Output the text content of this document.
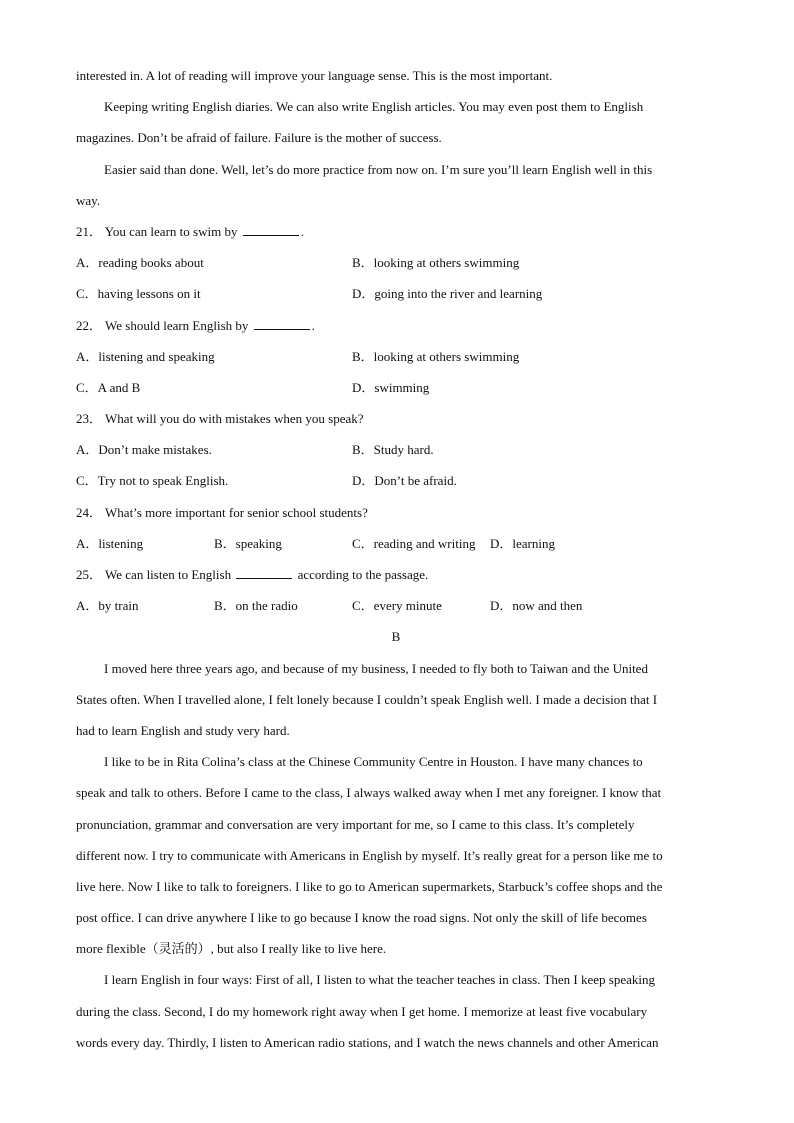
interested in. A lot of reading will improve your language sense. This is the most important.
Keeping writing English diaries. We can also write English articles. You may even post them to English
magazines. Don’t be afraid of failure. Failure is the mother of success.
Easier said than done. Well, let’s do more practice from now on. I’m sure you’ll learn English well in this
way.
21． You can learn to swim by	.
A．reading books about	B．looking at others swimming
C．having lessons on it	D．going into the river and learning
22． We should learn English by	.
A．listening and speaking	B．looking at others swimming
C．A and B	D．swimming
23． What will you do with mistakes when you speak?
A．Don’t make mistakes.	B．Study hard.
C．Try not to speak English.	D．Don’t be afraid.
24． What’s more important for senior school students?
A．listening	B．speaking	C．reading and writing	D．learning
25． We can listen to English	according to the passage.
A．by train	B．on the radio	C．every minute	D．now and then
B
I moved here three years ago, and because of my business, I needed to fly both to Taiwan and the United
States often. When I travelled alone, I felt lonely because I couldn’t speak English well. I made a decision that I
had to learn English and study very hard.
I like to be in Rita Colina’s class at the Chinese Community Centre in Houston. I have many chances to
speak and talk to others. Before I came to the class, I always walked away when I met any foreigner. I know that
pronunciation, grammar and conversation are very important for me, so I came to this class. It’s completely
different now. I try to communicate with Americans in English by myself. It’s really great for a person like me to
live here. Now I like to talk to foreigners. I like to go to American supermarkets, Starbuck’s coffee shops and the
post office. I can drive anywhere I like to go because I know the road signs. Not only the skill of life becomes
more flexible（灵活的）, but also I really like to live here.
I learn English in four ways: First of all, I listen to what the teacher teaches in class. Then I keep speaking
during the class. Second, I do my homework right away when I get home. I memorize at least five vocabulary
words every day. Thirdly, I listen to American radio stations, and I watch the news channels and other American
